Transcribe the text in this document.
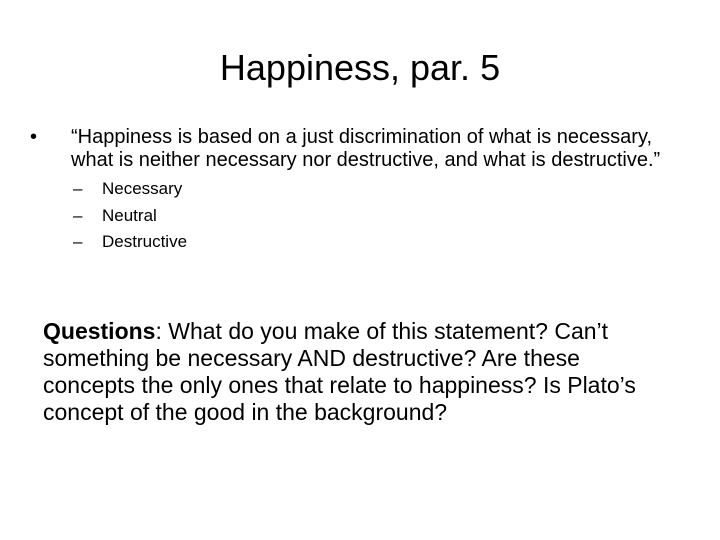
Happiness, par. 5

•	“Happiness is based on a just discrimination of what is necessary, what is neither necessary nor destructive, and what is destructive.”

– Necessary
– Neutral
– Destructive

Questions: What do you make of this statement? Can’t something be necessary AND destructive? Are these concepts the only ones that relate to happiness? Is Plato’s concept of the good in the background?
